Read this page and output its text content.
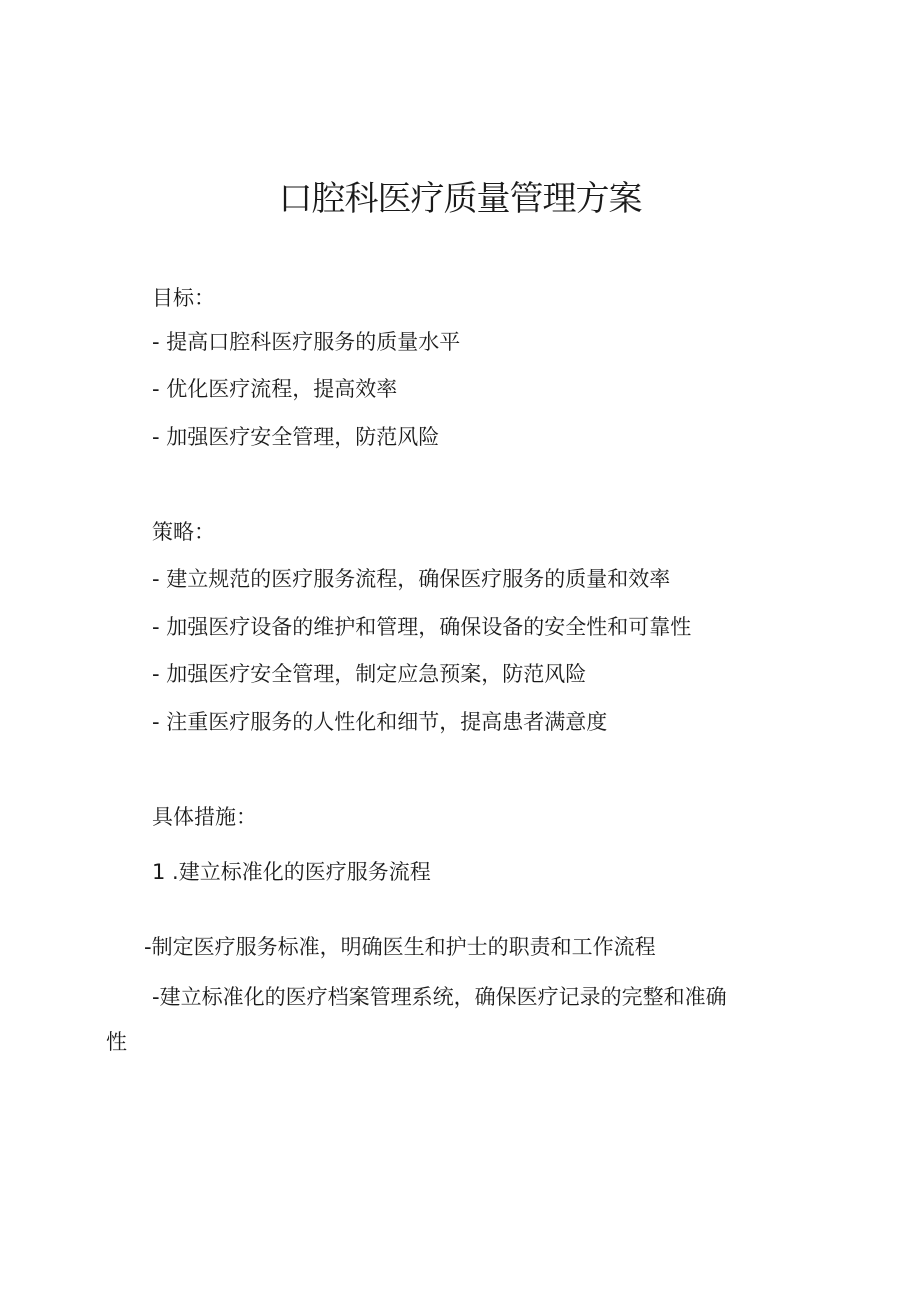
口腔科医疗质量管理方案

目标：

- 提高口腔科医疗服务的质量水平

- 优化医疗流程，提高效率

- 加强医疗安全管理，防范风险

策略：

- 建立规范的医疗服务流程，确保医疗服务的质量和效率

- 加强医疗设备的维护和管理，确保设备的安全性和可靠性

- 加强医疗安全管理，制定应急预案，防范风险

- 注重医疗服务的人性化和细节，提高患者满意度

具体措施：

1 .建立标准化的医疗服务流程

-制定医疗服务标准，明确医生和护士的职责和工作流程

-建立标准化的医疗档案管理系统，确保医疗记录的完整和准确

性
